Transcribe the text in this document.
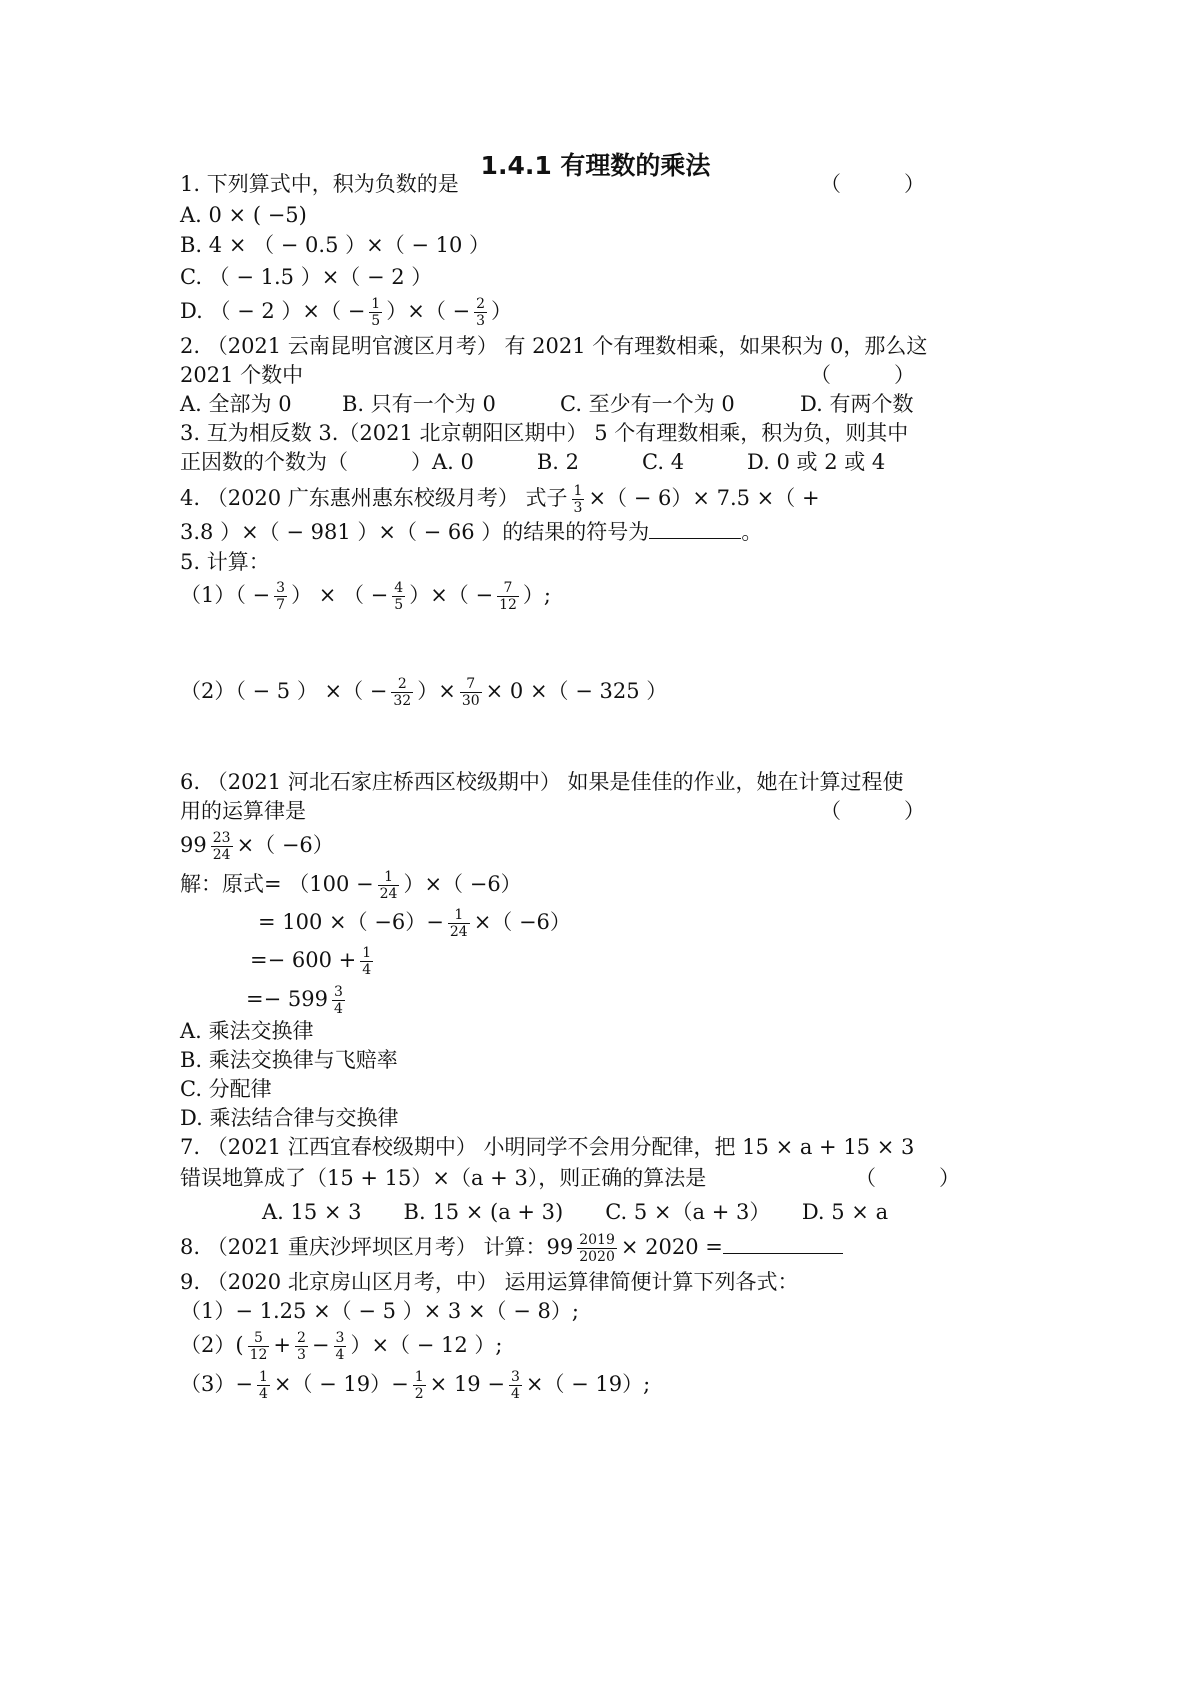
1.4.1 有理数的乘法
1. 下列算式中，积为负数的是	（　　　）
A. 0 × ( −5)
B. 4 × （ − 0.5 ）×（ − 10 ）
C. （ − 1.5 ）×（ − 2 ）
D. （ − 2 ）×（ − $\frac{1}{5}$ ）×（ − $\frac{2}{3}$ ）
2. （2021 云南昆明官渡区月考） 有 2021 个有理数相乘，如果积为 0，那么这
2021 个数中	（　　　）
A. 全部为 0 B. 只有一个为 0	C. 至少有一个为 0	D. 有两个数
3. 互为相反数 3.（2021 北京朝阳区期中） 5 个有理数相乘，积为负，则其中
正因数的个数为（　　　）A. 0　　　B. 2　　　C. 4　　　D. 0 或 2 或 4
4. （2020 广东惠州惠东校级月考） 式子 $\frac{1}{3}$ ×（ − 6）× 7.5 ×（ +
3.8 ）×（ − 981 ）×（ − 66 ）的结果的符号为	。
5. 计算：
$(1)( - \frac{3}{7}$ ） × （ − $\frac{4}{5}$ ）×（ − $\frac{7}{12}$ ）;
（2）（ − 5 ） ×（ − $\frac{2}{32}$ ）× $\frac{7}{30} \times 0$ ×（ − 325 ）
6. （2021 河北石家庄桥西区校级期中） 如果是佳佳的作业，她在计算过程使
用的运算律是	（　　　）
$99 \frac{23}{24}$ ×（ −6）
解：原式= （$100 - \frac{1}{24}$ ）×（ −6）
= 100 ×（ $-6)- \frac{1}{24}$ ×（ −6）
=− $600 + \frac{1}{4}$
=− $599 \frac{3}{4}$
A. 乘法交换律
B. 乘法交换律与飞赔率
C. 分配律
D. 乘法结合律与交换律
7. （2021 江西宜春校级期中） 小明同学不会用分配律，把 15 × a + 15 × 3
错误地算成了（15 + 15）×（a + 3），则正确的算法是	（　　　）
A. 15 × 3　　B. 15 × (a + 3)　　C. 5 ×（a + 3）　　D. 5 × a
8. （2021 重庆沙坪坝区月考） 计算：$99 \frac{2019}{2020} \times 2020$ =
9. （2020 北京房山区月考，中） 运用运算律简便计算下列各式：
（1）− 1.25 ×（ − 5 ）× 3 ×（ − 8）;
$(2)( \frac{5}{12} + \frac{2}{3} - \frac{3}{4}$ ）×（ − 12 ）;
$(3)- \frac{1}{4}$ ×（ − $19)- \frac{1}{2} \times 19 - \frac{3}{4}$ ×（ − 19）;
